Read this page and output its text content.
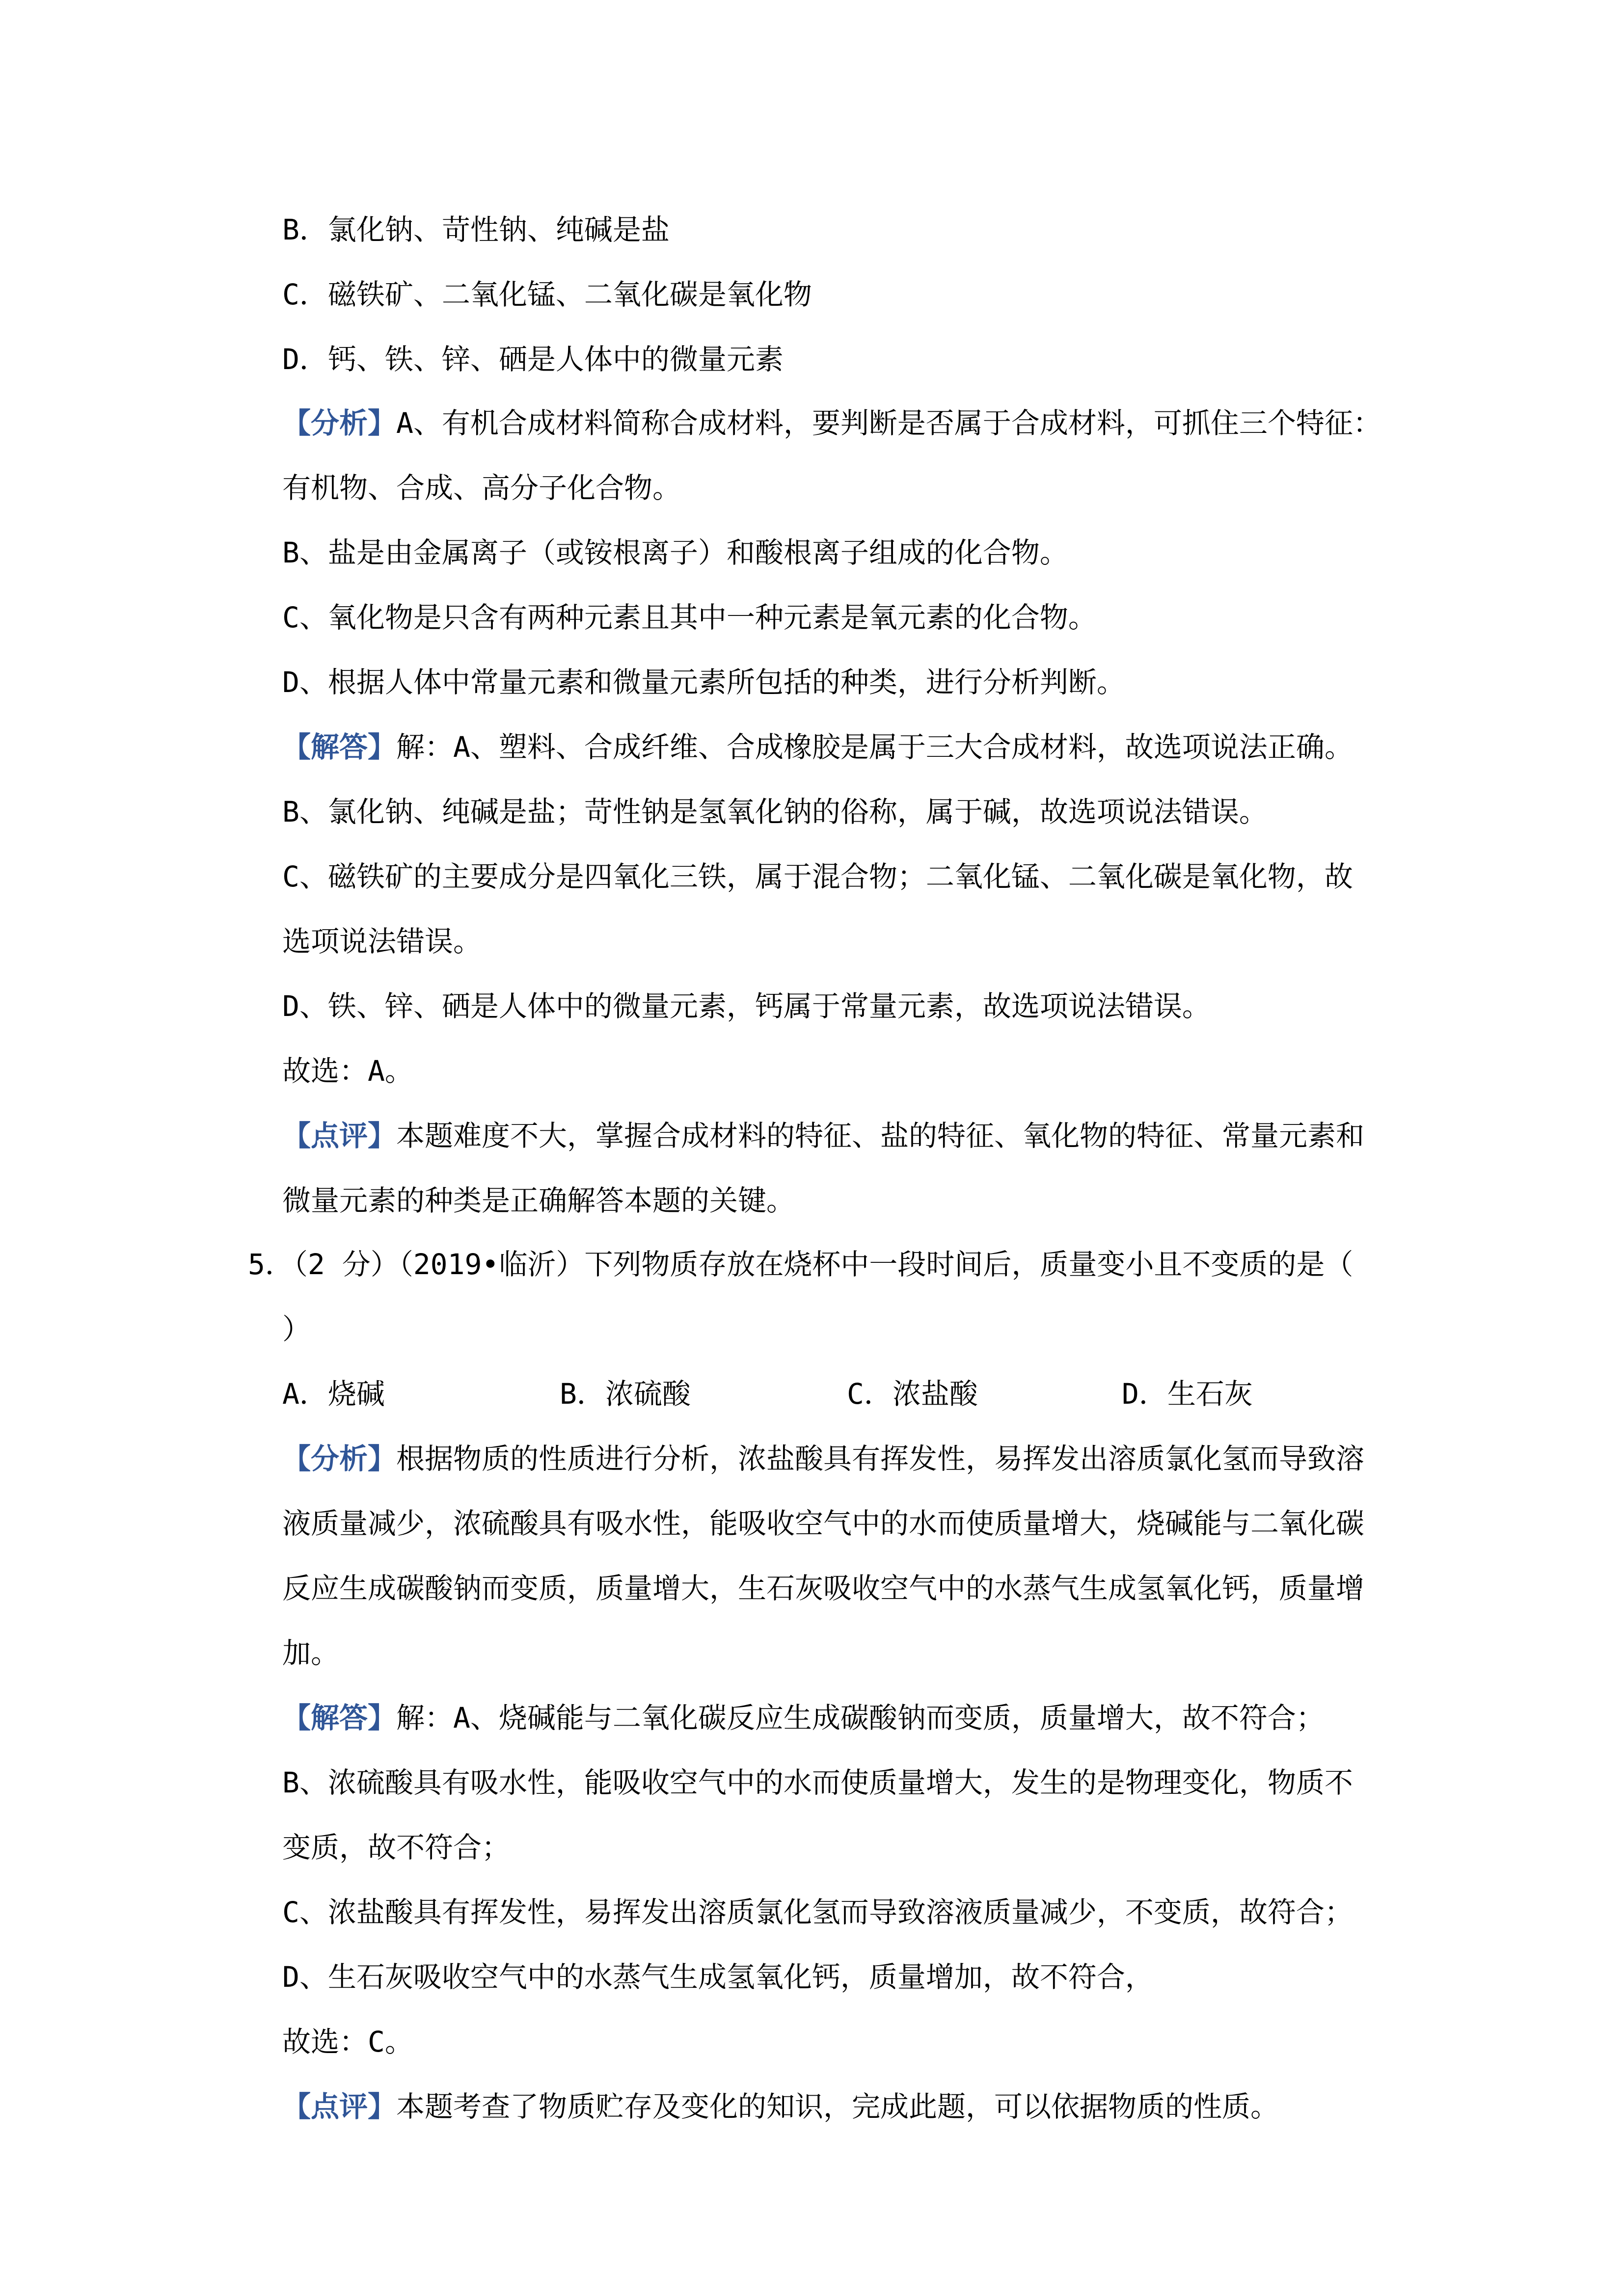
B．氯化钠、苛性钠、纯碱是盐
C．磁铁矿、二氧化锰、二氧化碳是氧化物
D．钙、铁、锌、硒是人体中的微量元素
【分析】A、有机合成材料简称合成材料，要判断是否属于合成材料，可抓住三个特征：
有机物、合成、高分子化合物。
B、盐是由金属离子（或铵根离子）和酸根离子组成的化合物。
C、氧化物是只含有两种元素且其中一种元素是氧元素的化合物。
D、根据人体中常量元素和微量元素所包括的种类，进行分析判断。
【解答】解：A、塑料、合成纤维、合成橡胶是属于三大合成材料，故选项说法正确。
B、氯化钠、纯碱是盐；苛性钠是氢氧化钠的俗称，属于碱，故选项说法错误。
C、磁铁矿的主要成分是四氧化三铁，属于混合物；二氧化锰、二氧化碳是氧化物，故
选项说法错误。
D、铁、锌、硒是人体中的微量元素，钙属于常量元素，故选项说法错误。
故选：A。
【点评】本题难度不大，掌握合成材料的特征、盐的特征、氧化物的特征、常量元素和
微量元素的种类是正确解答本题的关键。
5．（2 分）（2019•临沂）下列物质存放在烧杯中一段时间后，质量变小且不变质的是（
）
A．烧碱	B．浓硫酸	C．浓盐酸	D．生石灰
【分析】根据物质的性质进行分析，浓盐酸具有挥发性，易挥发出溶质氯化氢而导致溶
液质量减少，浓硫酸具有吸水性，能吸收空气中的水而使质量增大，烧碱能与二氧化碳
反应生成碳酸钠而变质，质量增大，生石灰吸收空气中的水蒸气生成氢氧化钙，质量增
加。
【解答】解：A、烧碱能与二氧化碳反应生成碳酸钠而变质，质量增大，故不符合；
B、浓硫酸具有吸水性，能吸收空气中的水而使质量增大，发生的是物理变化，物质不
变质，故不符合；
C、浓盐酸具有挥发性，易挥发出溶质氯化氢而导致溶液质量减少，不变质，故符合；
D、生石灰吸收空气中的水蒸气生成氢氧化钙，质量增加，故不符合，
故选：C。
【点评】本题考查了物质贮存及变化的知识，完成此题，可以依据物质的性质。
